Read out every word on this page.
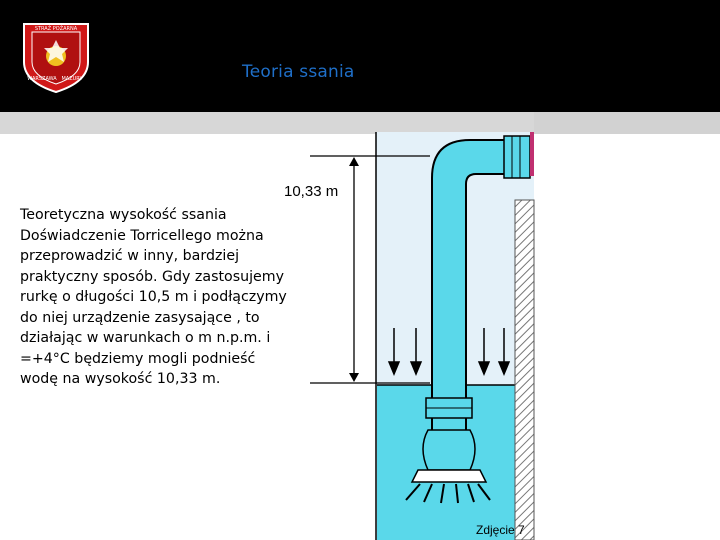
STRAŻ POŻARNA
WARSZAWA MAZURY	Teoria ssania
Teoretyczna wysokość ssania Doświadczenie Torricellego można przeprowadzić w inny, bardziej praktyczny sposób. Gdy zastosujemy rurkę o długości 10,5 m i podłączymy do niej urządzenie zasysające , to działając w warunkach o m n.p.m. i =+4°C będziemy mogli podnieść wodę na wysokość 10,33 m.
10,33 m
Zdjęcie 7
